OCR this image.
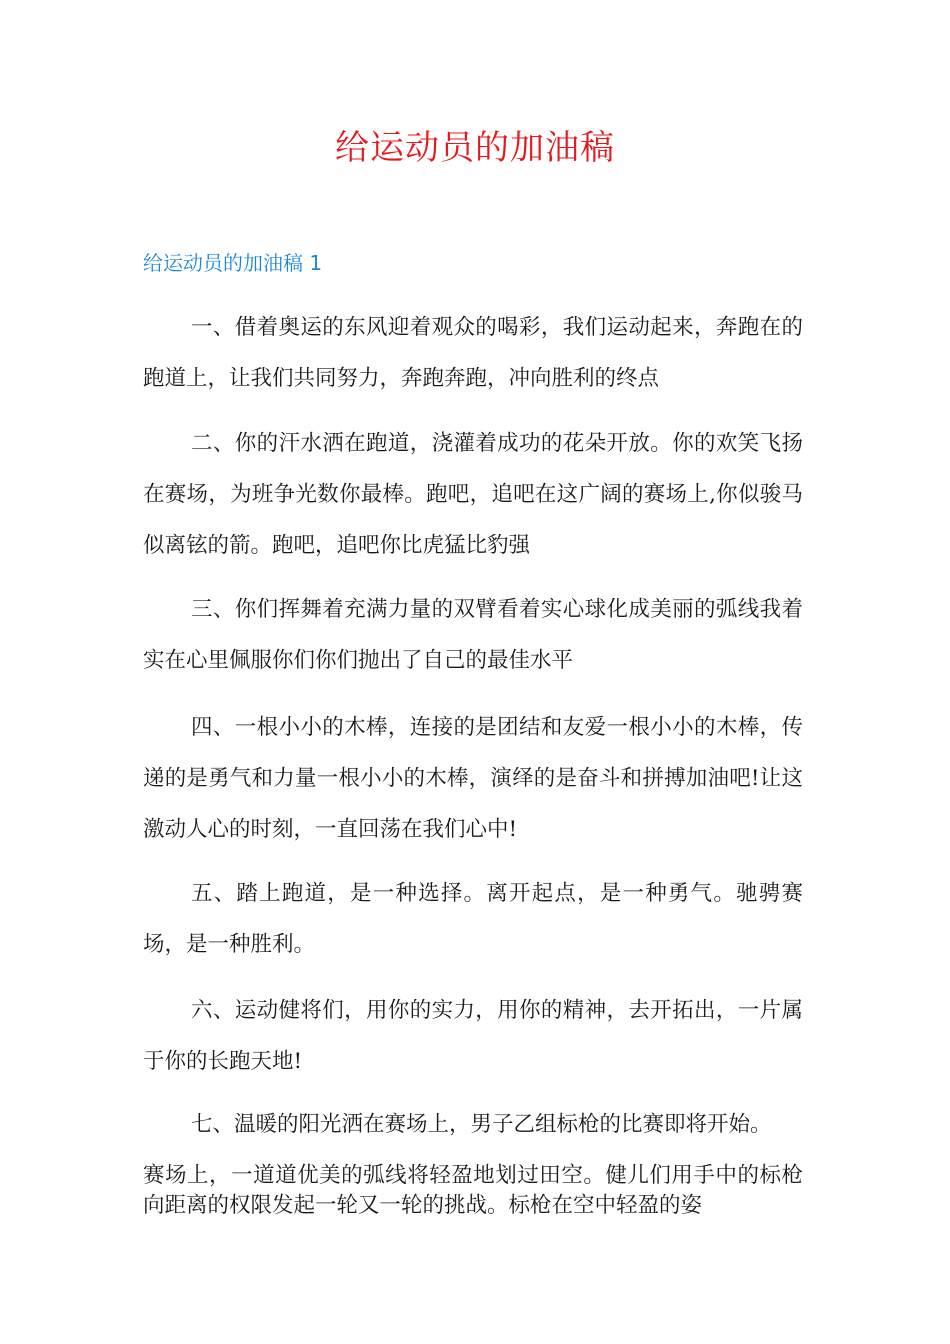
给运动员的加油稿
给运动员的加油稿 1

一、借着奥运的东风迎着观众的喝彩，我们运动起来，奔跑在的跑道上，让我们共同努力，奔跑奔跑，冲向胜利的终点

二、你的汗水洒在跑道，浇灌着成功的花朵开放。你的欢笑飞扬在赛场，为班争光数你最棒。跑吧，追吧在这广阔的赛场上,你似骏马似离铉的箭。跑吧，追吧你比虎猛比豹强

三、你们挥舞着充满力量的双臂看着实心球化成美丽的弧线我着实在心里佩服你们你们抛出了自己的最佳水平

四、一根小小的木棒，连接的是团结和友爱一根小小的木棒，传递的是勇气和力量一根小小的木棒，演绎的是奋斗和拼搏加油吧!让这激动人心的时刻，一直回荡在我们心中!

五、踏上跑道，是一种选择。离开起点，是一种勇气。驰骋赛场，是一种胜利。

六、运动健将们，用你的实力，用你的精神，去开拓出，一片属于你的长跑天地!

七、温暖的阳光洒在赛场上，男子乙组标枪的比赛即将开始。
赛场上，一道道优美的弧线将轻盈地划过田空。健儿们用手中的标枪向距离的权限发起一轮又一轮的挑战。标枪在空中轻盈的姿
